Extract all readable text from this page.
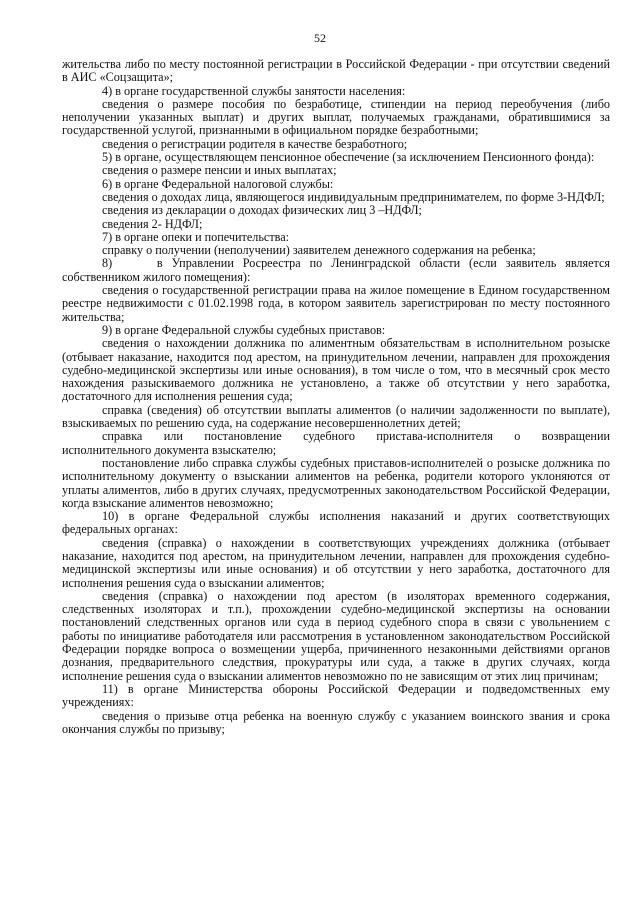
52

жительства либо по месту постоянной регистрации в Российской Федерации - при отсутствии сведений в АИС «Соцзащита»;

4) в органе государственной службы занятости населения:

сведения о размере пособия по безработице, стипендии на период переобучения (либо неполучении указанных выплат) и других выплат, получаемых гражданами, обратившимися за государственной услугой, признанными в официальном порядке безработными;

сведения о регистрации родителя в качестве безработного;

5) в органе, осуществляющем пенсионное обеспечение (за исключением Пенсионного фонда):

сведения о размере пенсии и иных выплатах;

6) в органе Федеральной налоговой службы:

сведения о доходах лица, являющегося индивидуальным предпринимателем, по форме 3-НДФЛ;

сведения из декларации о доходах физических лиц 3 –НДФЛ;

сведения 2- НДФЛ;

7) в органе опеки и попечительства:

справку о получении (неполучении) заявителем денежного содержания на ребенка;

8)     в Управлении Росреестра по Ленинградской области (если заявитель является собственником жилого помещения):

сведения о государственной регистрации права на жилое помещение в Едином государственном реестре недвижимости с 01.02.1998 года, в котором заявитель зарегистрирован по месту постоянного жительства;

9) в органе Федеральной службы судебных приставов:

сведения о нахождении должника по алиментным обязательствам в исполнительном розыске (отбывает наказание, находится под арестом, на принудительном лечении, направлен для прохождения судебно-медицинской экспертизы или иные основания), в том числе о том, что в месячный срок место нахождения разыскиваемого должника не установлено, а также об отсутствии у него заработка, достаточного для исполнения решения суда;

справка (сведения) об отсутствии выплаты алиментов (о наличии задолженности по выплате), взыскиваемых по решению суда, на содержание несовершеннолетних детей;

справка     или     постановление     судебного     пристава-исполнителя     о     возвращении исполнительного документа взыскателю;

постановление либо справка службы судебных приставов-исполнителей о розыске должника по исполнительному документу о взыскании алиментов на ребенка, родители которого уклоняются от уплаты алиментов, либо в других случаях, предусмотренных законодательством Российской Федерации, когда взыскание алиментов невозможно;

10) в органе Федеральной службы исполнения наказаний и других соответствующих федеральных органах:

сведения (справка) о нахождении в соответствующих учреждениях должника (отбывает наказание, находится под арестом, на принудительном лечении, направлен для прохождения судебно-медицинской экспертизы или иные основания) и об отсутствии у него заработка, достаточного для исполнения решения суда о взыскании алиментов;

сведения (справка) о нахождении под арестом (в изоляторах временного содержания, следственных изоляторах и т.п.), прохождении судебно-медицинской экспертизы на основании постановлений следственных органов или суда в период судебного спора в связи с увольнением с работы по инициативе работодателя или рассмотрения в установленном законодательством Российской Федерации порядке вопроса о возмещении ущерба, причиненного незаконными действиями органов дознания, предварительного следствия, прокуратуры или суда, а также в других случаях, когда исполнение решения суда о взыскании алиментов невозможно по не зависящим от этих лиц причинам;

11) в органе Министерства обороны Российской Федерации и подведомственных ему учреждениях:

сведения о призыве отца ребенка на военную службу с указанием воинского звания и срока окончания службы по призыву;
